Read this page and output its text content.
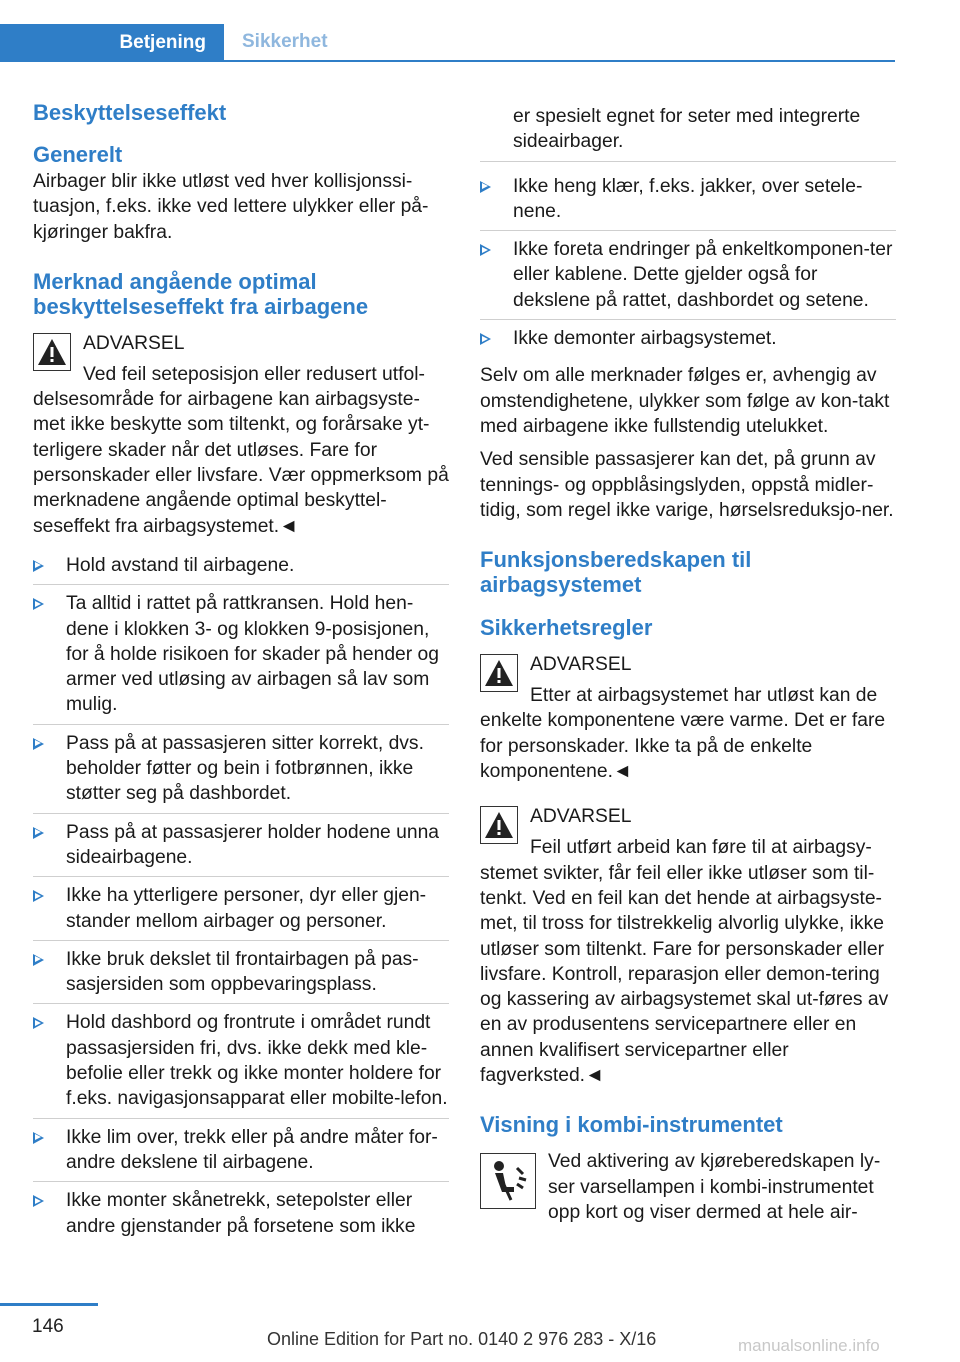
Betjening	Sikkerhet
Beskyttelseseffekt
Generelt

Airbager blir ikke utløst ved hver kollisjonssi-tuasjon, f.eks. ikke ved lettere ulykker eller på-kjøringer bakfra.

Merknad angående optimal beskyttelseseffekt fra airbagene
ADVARSEL
Ved feil seteposisjon eller redusert utfol-delsesområde for airbagene kan airbagsyste-met ikke beskytte som tiltenkt, og forårsake yt-terligere skader når det utløses. Fare for personskader eller livsfare. Vær oppmerksom på merknadene angående optimal beskyttel-seseffekt fra airbagsystemet.◄
Hold avstand til airbagene.
Ta alltid i rattet på rattkransen. Hold hen-dene i klokken 3- og klokken 9-posisjonen, for å holde risikoen for skader på hender og armer ved utløsing av airbagen så lav som mulig.
Pass på at passasjeren sitter korrekt, dvs. beholder føtter og bein i fotbrønnen, ikke støtter seg på dashbordet.
Pass på at passasjerer holder hodene unna sideairbagene.
Ikke ha ytterligere personer, dyr eller gjen-stander mellom airbager og personer.
Ikke bruk dekslet til frontairbagen på pas-sasjersiden som oppbevaringsplass.
Hold dashbord og frontrute i området rundt passasjersiden fri, dvs. ikke dekk med kle-befolie eller trekk og ikke monter holdere for f.eks. navigasjonsapparat eller mobilte-lefon.
Ikke lim over, trekk eller på andre måter for-andre dekslene til airbagene.
Ikke monter skånetrekk, setepolster eller andre gjenstander på forsetene som ikke

er spesielt egnet for seter med integrerte sideairbager.

Ikke heng klær, f.eks. jakker, over setele-nene.
Ikke foreta endringer på enkeltkomponen-ter eller kablene. Dette gjelder også for dekslene på rattet, dashbordet og setene.
Ikke demonter airbagsystemet.

Selv om alle merknader følges er, avhengig av omstendighetene, ulykker som følge av kon-takt med airbagene ikke fullstendig utelukket.

Ved sensible passasjerer kan det, på grunn av tennings- og oppblåsingslyden, oppstå midler-tidig, som regel ikke varige, hørselsreduksjo-ner.

Funksjonsberedskapen til airbagsystemet
Sikkerhetsregler
ADVARSEL
Etter at airbagsystemet har utløst kan de enkelte komponentene være varme. Det er fare for personskader. Ikke ta på de enkelte komponentene.◄
ADVARSEL
Feil utført arbeid kan føre til at airbagsy-stemet svikter, får feil eller ikke utløser som til-tenkt. Ved en feil kan det hende at airbagsyste-met, til tross for tilstrekkelig alvorlig ulykke, ikke utløser som tiltenkt. Fare for personskader eller livsfare. Kontroll, reparasjon eller demon-tering og kassering av airbagsystemet skal ut-føres av en av produsentens servicepartnere eller en annen kvalifisert servicepartner eller fagverksted.◄
Visning i kombi-instrumentet

Ved aktivering av kjøreberedskapen ly-ser varsellampen i kombi-instrumentet opp kort og viser dermed at hele air-

146
Online Edition for Part no. 0140 2 976 283 - X/16	manualsonline.info
